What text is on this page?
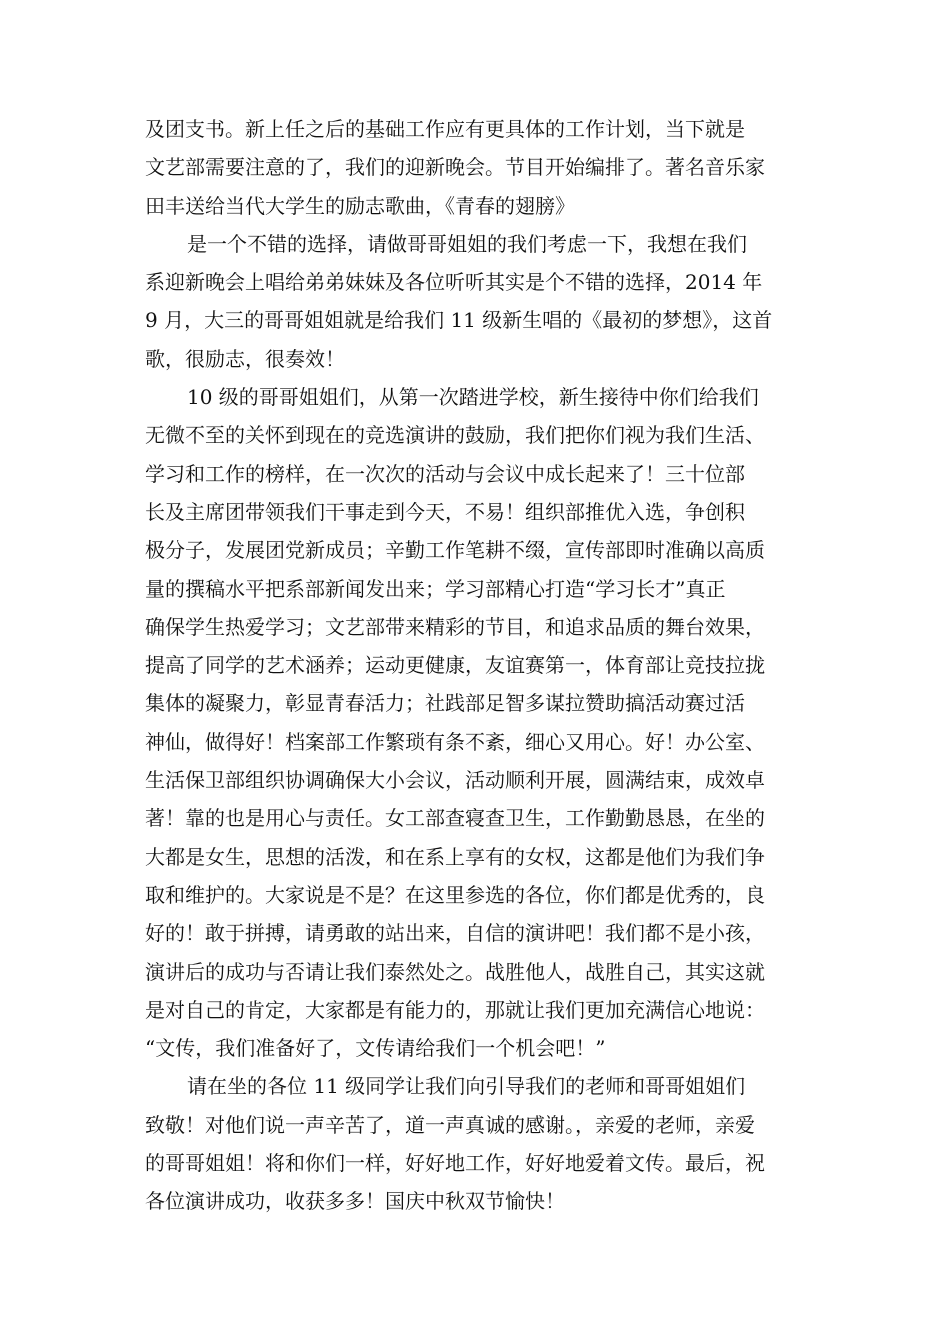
及团支书。新上任之后的基础工作应有更具体的工作计划，当下就是
文艺部需要注意的了，我们的迎新晚会。节目开始编排了。著名音乐家
田丰送给当代大学生的励志歌曲，《青春的翅膀》
是一个不错的选择，请做哥哥姐姐的我们考虑一下，我想在我们
系迎新晚会上唱给弟弟妹妹及各位听听其实是个不错的选择，2014 年
9 月，大三的哥哥姐姐就是给我们 11 级新生唱的《最初的梦想》，这首
歌，很励志，很奏效！
10 级的哥哥姐姐们，从第一次踏进学校，新生接待中你们给我们
无微不至的关怀到现在的竞选演讲的鼓励，我们把你们视为我们生活、
学习和工作的榜样，在一次次的活动与会议中成长起来了！三十位部
长及主席团带领我们干事走到今天，不易！组织部推优入选，争创积
极分子，发展团党新成员；辛勤工作笔耕不缀，宣传部即时准确以高质
量的撰稿水平把系部新闻发出来；学习部精心打造“学习长才”真正
确保学生热爱学习；文艺部带来精彩的节目，和追求品质的舞台效果，
提高了同学的艺术涵养；运动更健康，友谊赛第一，体育部让竞技拉拢
集体的凝聚力，彰显青春活力；社践部足智多谋拉赞助搞活动赛过活
神仙，做得好！档案部工作繁琐有条不紊，细心又用心。好！办公室、
生活保卫部组织协调确保大小会议，活动顺利开展，圆满结束，成效卓
著！靠的也是用心与责任。女工部查寝查卫生，工作勤勤恳恳，在坐的
大都是女生，思想的活泼，和在系上享有的女权，这都是他们为我们争
取和维护的。大家说是不是？在这里参选的各位，你们都是优秀的，良
好的！敢于拼搏，请勇敢的站出来，自信的演讲吧！我们都不是小孩，
演讲后的成功与否请让我们泰然处之。战胜他人，战胜自己，其实这就
是对自己的肯定，大家都是有能力的，那就让我们更加充满信心地说：
“文传，我们准备好了，文传请给我们一个机会吧！”
请在坐的各位 11 级同学让我们向引导我们的老师和哥哥姐姐们
致敬！对他们说一声辛苦了，道一声真诚的感谢。，亲爱的老师，亲爱
的哥哥姐姐！将和你们一样，好好地工作，好好地爱着文传。最后，祝
各位演讲成功，收获多多！国庆中秋双节愉快！
